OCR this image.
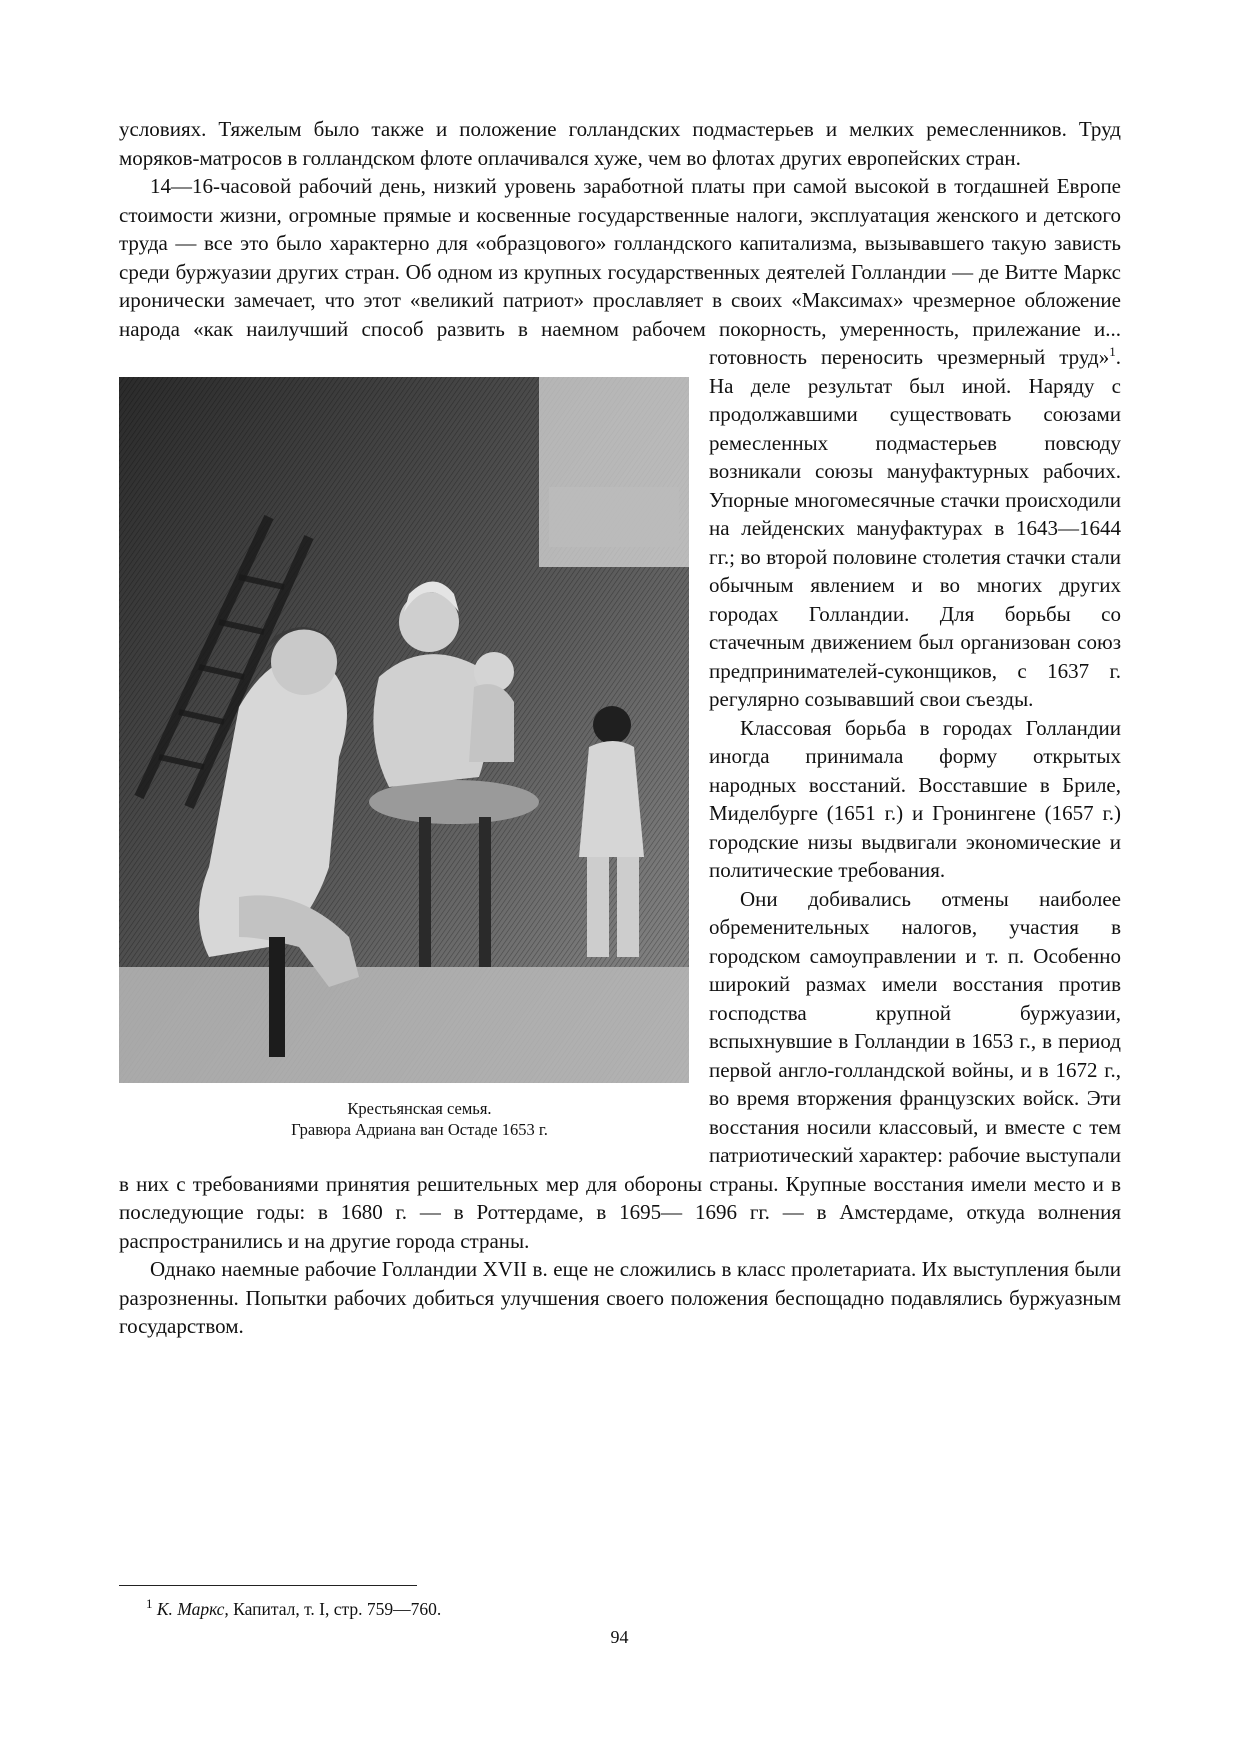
условиях. Тяжелым было также и положение голландских подмастерьев и мелких ремесленников. Труд моряков-матросов в голландском флоте оплачивался хуже, чем во флотах других европейских стран.

Крестьянская семья.
Гравюра Адриана ван Остаде 1653 г.
14—16-часовой рабочий день, низкий уровень заработной платы при самой высокой в тогдашней Европе стоимости жизни, огромные прямые и косвенные государственные налоги, эксплуатация женского и детского труда — все это было характерно для «образцового» голландского капитализма, вызывавшего такую зависть среди буржуазии других стран. Об одном из крупных государственных деятелей Голландии — де Витте Маркс иронически замечает, что этот «великий патриот» прославляет в своих «Максимах» чрезмерное обложение народа «как наилучший способ развить в наемном рабочем покорность, умеренность, прилежание и... готовность переносить чрезмерный труд»$^1$. На деле результат был иной. Наряду с продолжавшими существовать союзами ремесленных подмастерьев повсюду возникали союзы мануфактурных рабочих. Упорные многомесячные стачки происходили на лейденских мануфактурах в 1643—1644 гг.; во второй половине столетия стачки стали обычным явлением и во многих других городах Голландии. Для борьбы со стачечным движением был организован союз предпринимателей-суконщиков, с 1637 г. регулярно созывавший свои съезды.

Классовая борьба в городах Голландии иногда принимала форму открытых народных восстаний. Восставшие в Бриле, Миделбурге (1651 г.) и Гронингене (1657 г.) городские низы выдвигали экономические и политические требования.

Они добивались отмены наиболее обременительных налогов, участия в городском самоуправлении и т. п. Особенно широкий размах имели восстания против господства крупной буржуазии, вспыхнувшие в Голландии в 1653 г., в период первой англо-голландской войны, и в 1672 г., во время вторжения французских войск. Эти восстания носили классовый, и вместе с тем патриотический характер: рабочие выступали в них с требованиями принятия решительных мер для обороны страны. Крупные восстания имели место и в последующие годы: в 1680 г. — в Роттердаме, в 1695— 1696 гг. — в Амстердаме, откуда волнения распространились и на другие города страны.

Однако наемные рабочие Голландии XVII в. еще не сложились в класс пролетариата. Их выступления были разрозненны. Попытки рабочих добиться улучшения своего положения беспощадно подавлялись буржуазным государством.

$^1$ К. Маркс, Капитал, т. I, стр. 759—760.
94
